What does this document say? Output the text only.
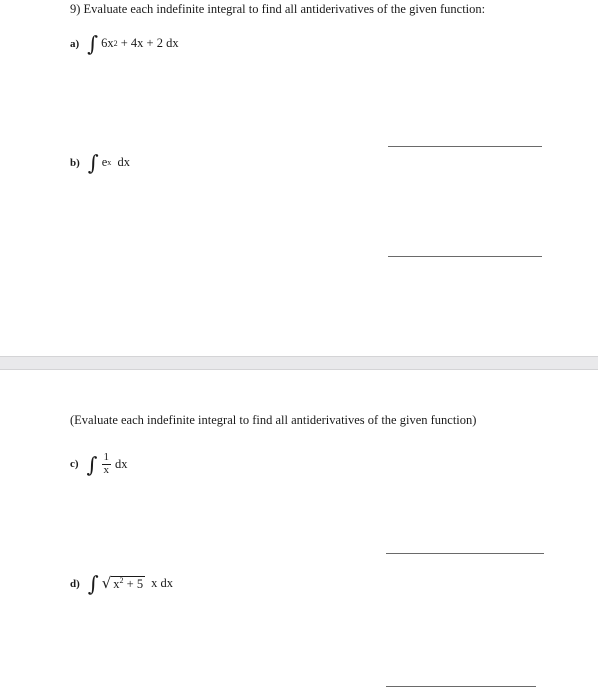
9) Evaluate each indefinite integral to find all antiderivatives of the given function:
a) ∫ 6x 2
+ 4x + 2 dx
b) ∫ e x
dx
(Evaluate each indefinite integral to find all antiderivatives of the given function)
c) ∫ $\frac{1}{x}$ dx
d) ∫ √ $x^2 + 5$ x dx
